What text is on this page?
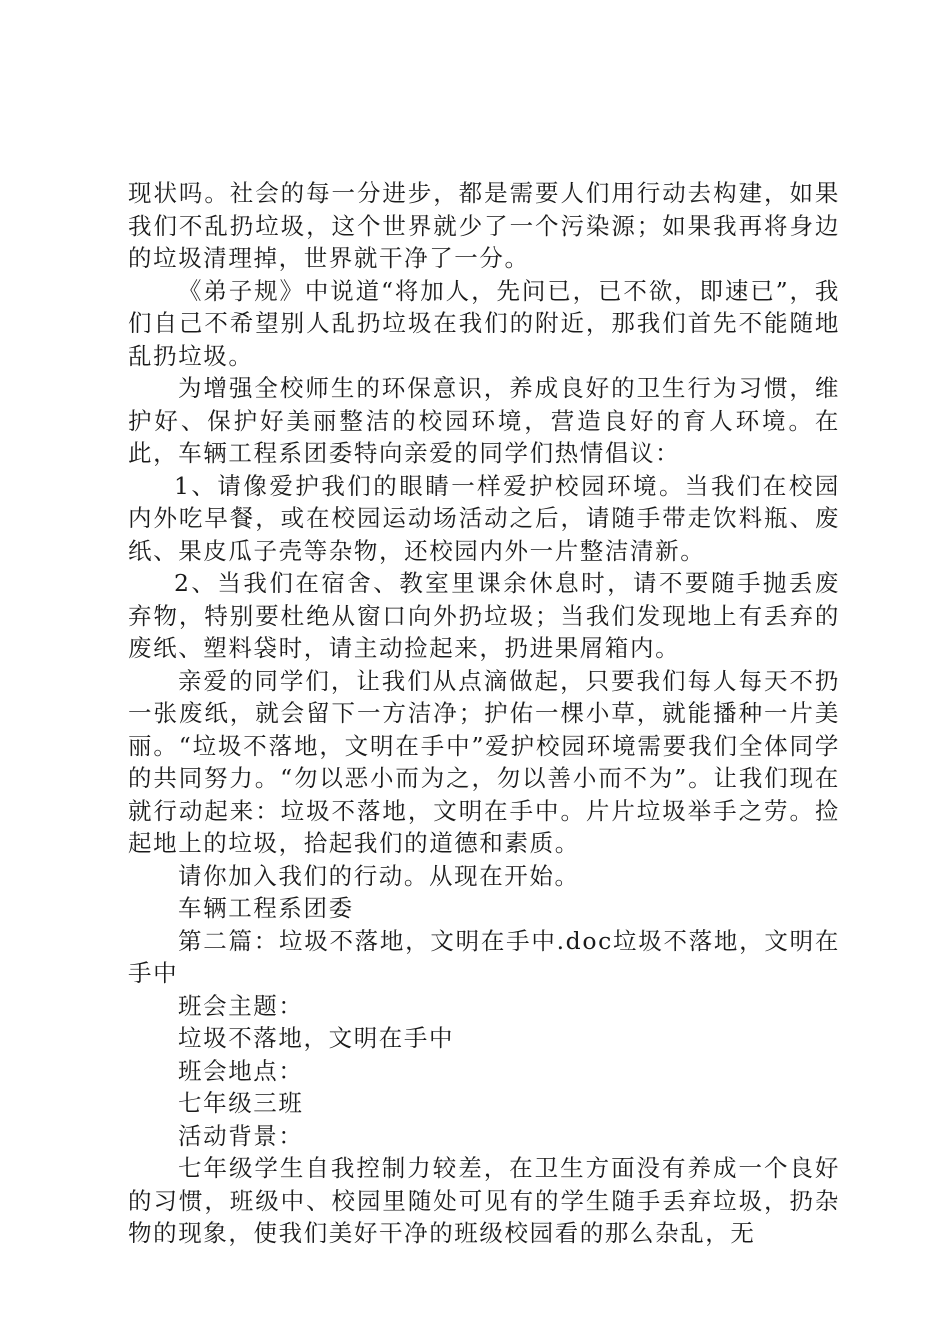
现状吗。社会的每一分进步，都是需要人们用行动去构建，如果我们不乱扔垃圾，这个世界就少了一个污染源；如果我再将身边的垃圾清理掉，世界就干净了一分。

《弟子规》中说道“将加人，先问已，已不欲，即速已”，我们自己不希望别人乱扔垃圾在我们的附近，那我们首先不能随地乱扔垃圾。

为增强全校师生的环保意识，养成良好的卫生行为习惯，维护好、保护好美丽整洁的校园环境，营造良好的育人环境。在此，车辆工程系团委特向亲爱的同学们热情倡议：

1、请像爱护我们的眼睛一样爱护校园环境。当我们在校园内外吃早餐，或在校园运动场活动之后，请随手带走饮料瓶、废纸、果皮瓜子壳等杂物，还校园内外一片整洁清新。

2、当我们在宿舍、教室里课余休息时，请不要随手抛丢废弃物，特别要杜绝从窗口向外扔垃圾；当我们发现地上有丢弃的废纸、塑料袋时，请主动捡起来，扔进果屑箱内。

亲爱的同学们，让我们从点滴做起，只要我们每人每天不扔一张废纸，就会留下一方洁净；护佑一棵小草，就能播种一片美丽。“垃圾不落地，文明在手中”爱护校园环境需要我们全体同学的共同努力。“勿以恶小而为之，勿以善小而不为”。让我们现在就行动起来：垃圾不落地，文明在手中。片片垃圾举手之劳。捡起地上的垃圾，拾起我们的道德和素质。

请你加入我们的行动。从现在开始。

车辆工程系团委

第二篇：垃圾不落地，文明在手中.doc垃圾不落地，文明在手中

班会主题：

垃圾不落地，文明在手中

班会地点：

七年级三班

活动背景：

七年级学生自我控制力较差，在卫生方面没有养成一个良好的习惯，班级中、校园里随处可见有的学生随手丢弃垃圾，扔杂物的现象，使我们美好干净的班级校园看的那么杂乱，无
